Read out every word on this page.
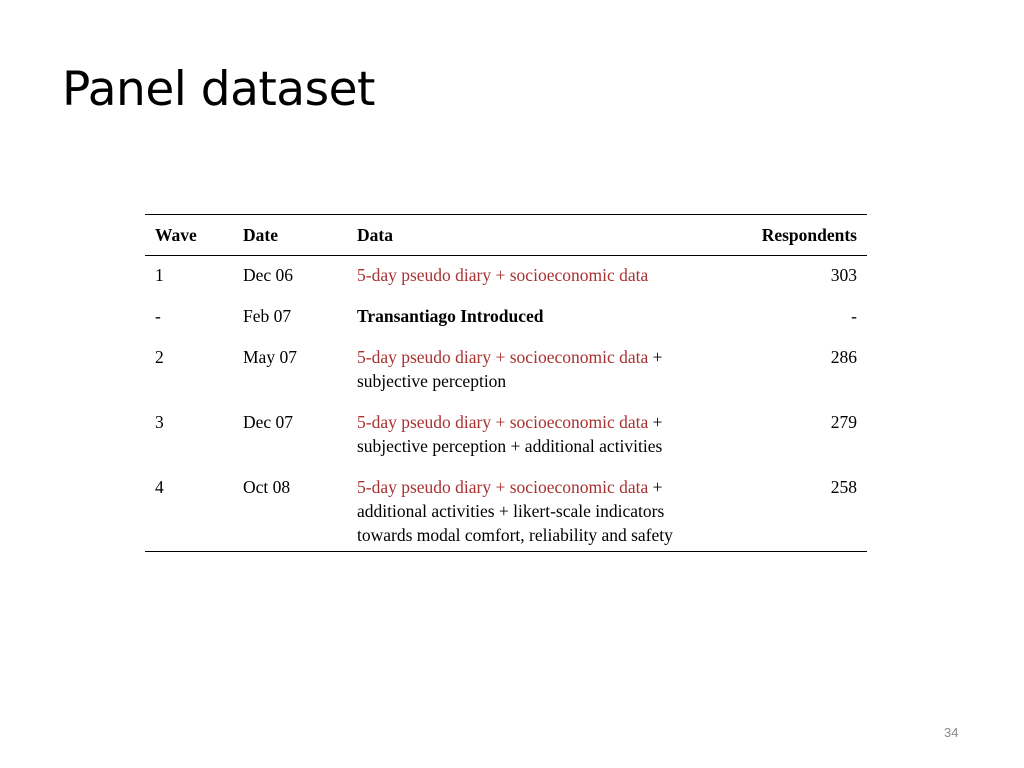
Panel dataset
Wave	Date	Data	Respondents
1	Dec 06	5-day pseudo diary + socioeconomic data	303
-	Feb 07	Transantiago Introduced	-
2	May 07	5-day pseudo diary + socioeconomic data + subjective perception	286
3	Dec 07	5-day pseudo diary + socioeconomic data + subjective perception + additional activities	279
4	Oct 08	5-day pseudo diary + socioeconomic data + additional activities + likert-scale indicators towards modal comfort, reliability and safety	258
34
